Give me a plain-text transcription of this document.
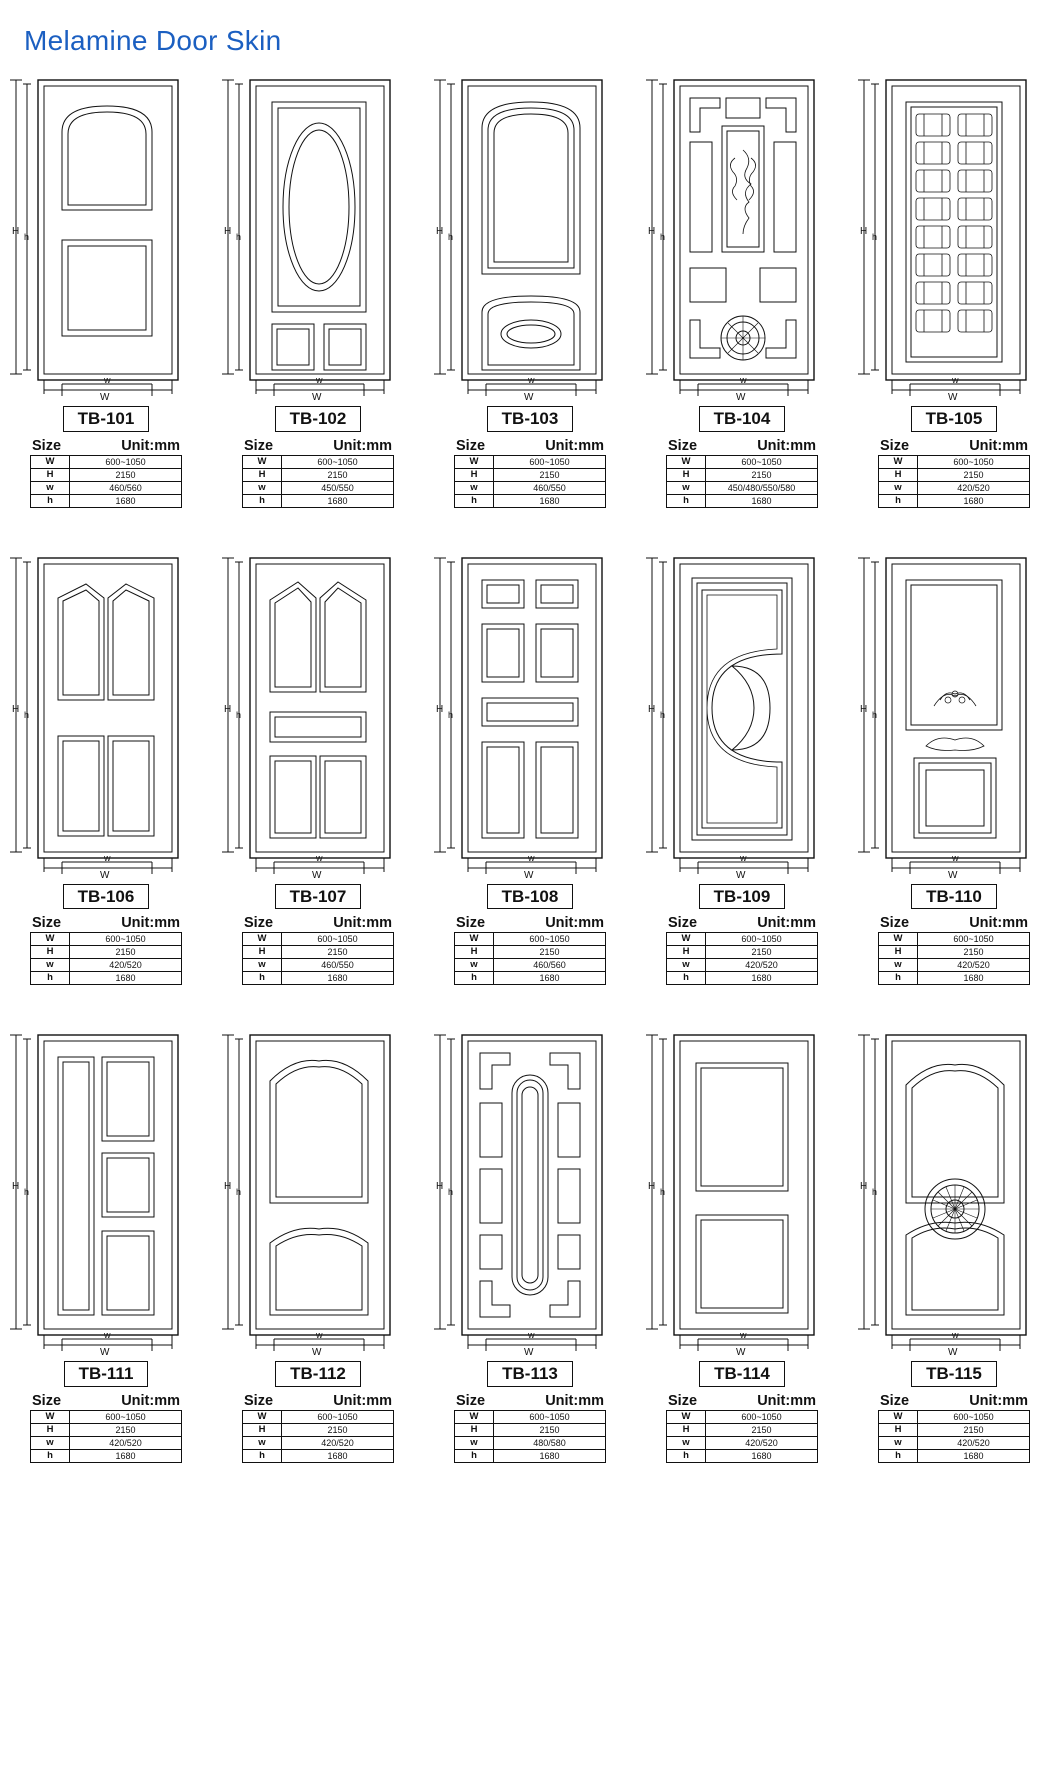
Melamine Door Skin
H h
W
w
TB-101
Size	Unit:mm
W	600~1050
H	2150
w	460/560
h	1680
H h
W
w
TB-102
Size	Unit:mm
W	600~1050
H	2150
w	450/550
h	1680
H h
W
w
TB-103
Size	Unit:mm
W	600~1050
H	2150
w	460/550
h	1680
H h
W
w
TB-104
Size	Unit:mm
W	600~1050
H	2150
w	450/480/550/580
h	1680
H h
W
w
TB-105
Size	Unit:mm
W	600~1050
H	2150
w	420/520
h	1680
H h
W
w
TB-106
Size	Unit:mm
W	600~1050
H	2150
w	420/520
h	1680
H h
W
w
TB-107
Size	Unit:mm
W	600~1050
H	2150
w	460/550
h	1680
H h
W
w
TB-108
Size	Unit:mm
W	600~1050
H	2150
w	460/560
h	1680
H h
W
w
TB-109
Size	Unit:mm
W	600~1050
H	2150
w	420/520
h	1680
H h
W
w
TB-110
Size	Unit:mm
W	600~1050
H	2150
w	420/520
h	1680
H h
W
w
TB-111
Size	Unit:mm
W	600~1050
H	2150
w	420/520
h	1680
H h
W
w
TB-112
Size	Unit:mm
W	600~1050
H	2150
w	420/520
h	1680
H h
W
w
TB-113
Size	Unit:mm
W	600~1050
H	2150
w	480/580
h	1680
H h
W
w
TB-114
Size	Unit:mm
W	600~1050
H	2150
w	420/520
h	1680
H h
W
w
TB-115
Size	Unit:mm
W	600~1050
H	2150
w	420/520
h	1680
